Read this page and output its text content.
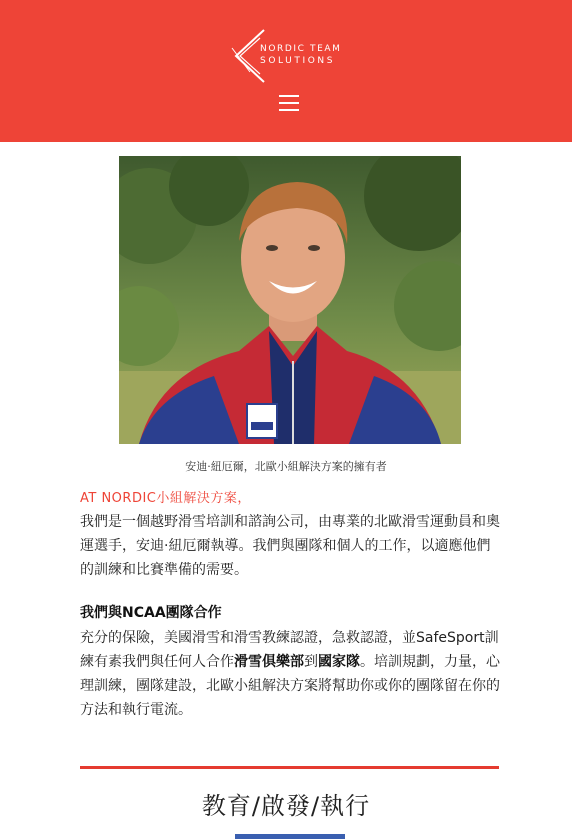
NORDIC TEAM
SOLUTIONS
安迪·紐厄爾，北歐小組解決方案的擁有者
AT NORDIC小組解決方案，

我們是一個越野滑雪培訓和諮詢公司，由專業的北歐滑雪運動員和奧運選手，安迪·紐厄爾執導。我們與團隊和個人的工作，以適應他們的訓練和比賽準備的需要。

我們與NCAA團隊合作

充分的保險，美國滑雪和滑雪教練認證，急救認證，並SafeSport訓練有素我們與任何人合作滑雪俱樂部到國家隊。培訓規劃，力量，心理訓練，團隊建設，北歐小組解決方案將幫助你或你的團隊留在你的方法和執行電流。

教育/啟發/執行
